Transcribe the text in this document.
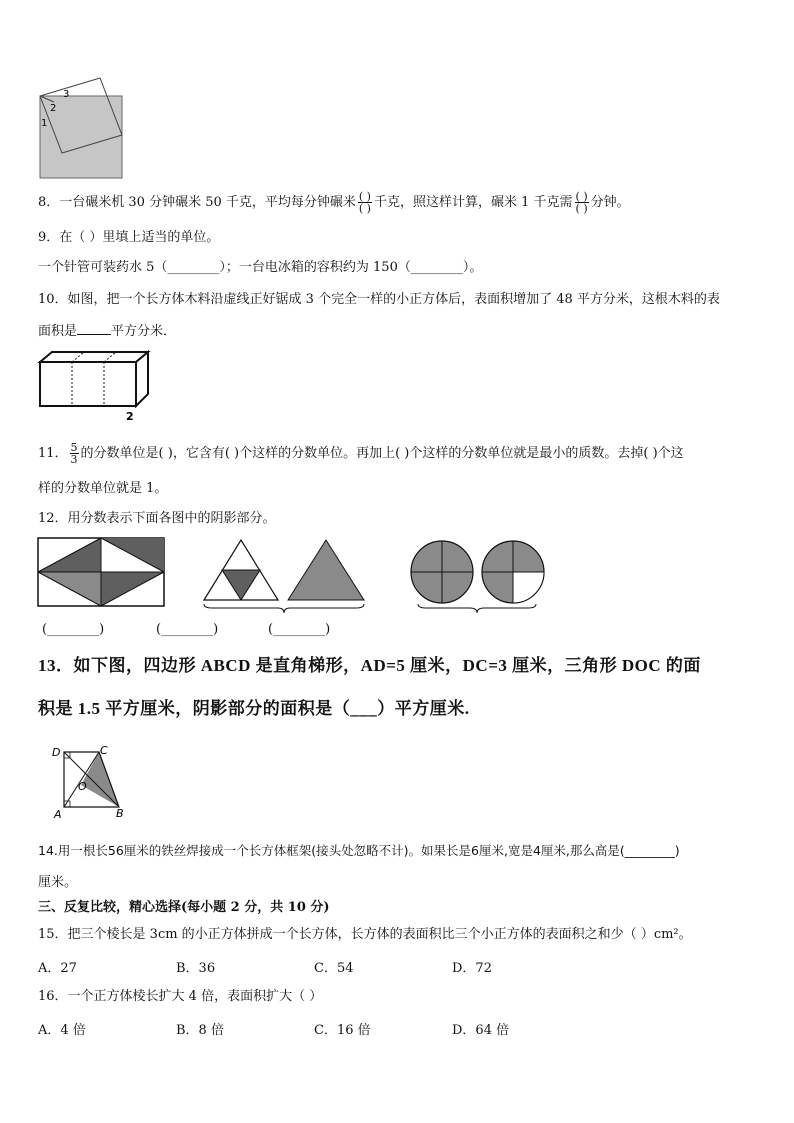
1
2
3
8．一台碾米机 30 分钟碾米 50 千克，平均每分钟碾米 $\frac{( )}{( )}$ 千克，照这样计算，碾米 1 千克需 $\frac{( )}{( )}$ 分钟。
9．在（ ）里填上适当的单位。
一个针管可装药水 5（________）；一台电冰箱的容积约为 150（________）。
10．如图，把一个长方体木料沿虚线正好锯成 3 个完全一样的小正方体后，表面积增加了 48 平方分米，这根木料的表
面积是	平方分米．
2
11． $\frac{5}{3}$ 的分数单位是( )，它含有( )个这样的分数单位。再加上( )个这样的分数单位就是最小的质数。去掉( )个这
样的分数单位就是 1。
12．用分数表示下面各图中的阴影部分。
(________)	(________)	(________)
13．如下图，四边形 ABCD 是直角梯形，AD=5 厘米，DC=3 厘米，三角形 DOC 的面
积是 1.5 平方厘米，阴影部分的面积是（___）平方厘米.
D	C
O
A	B
14.用一根长56厘米的铁丝焊接成一个长方体框架(接头处忽略不计)。如果长是6厘米,宽是4厘米,那么高是(________)
厘米。
三、反复比较，精心选择(每小题 2 分，共 10 分)
15．把三个棱长是 3cm 的小正方体拼成一个长方体，长方体的表面积比三个小正方体的表面积之和少（ ）cm²。
A．27	B．36	C．54	D．72
16．一个正方体棱长扩大 4 倍，表面积扩大（ ）
A．4 倍	B．8 倍	C．16 倍	D．64 倍
